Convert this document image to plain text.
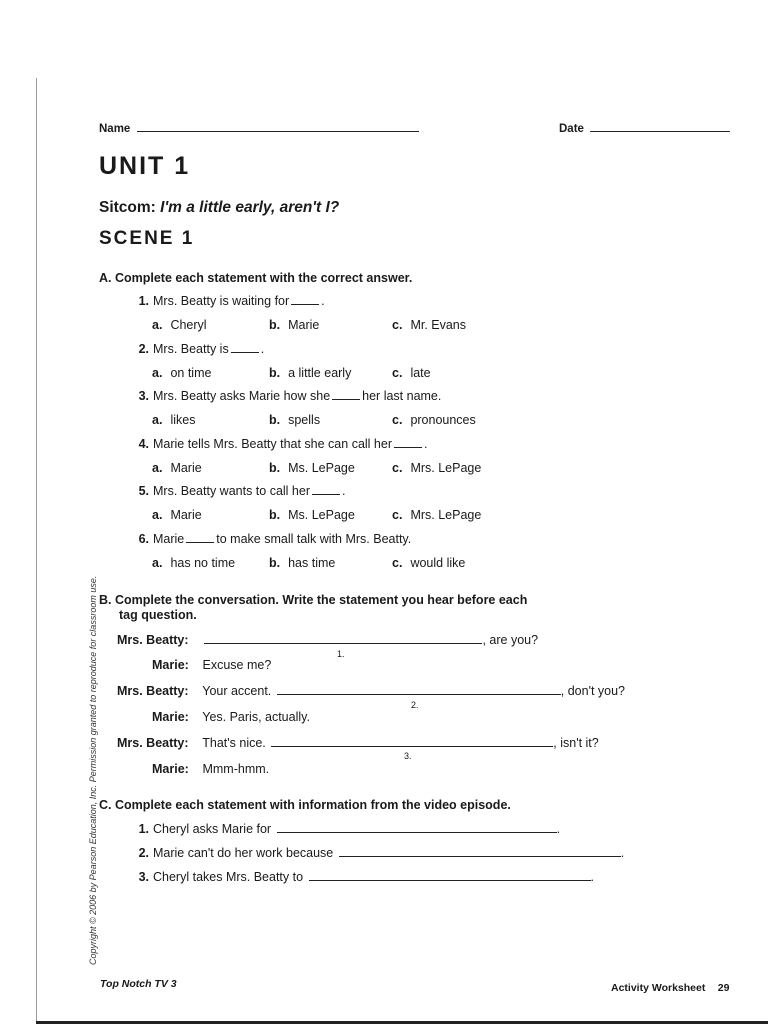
Name	Date
UNIT 1
Sitcom: I'm a little early, aren't I?
SCENE 1
A. Complete each statement with the correct answer.
1. Mrs. Beatty is waiting for	.
a. Cheryl	b. Marie	c. Mr. Evans
2. Mrs. Beatty is	.
a. on time	b. a little early	c. late
3. Mrs. Beatty asks Marie how she	her last name.
a. likes	b. spells	c. pronounces
4. Marie tells Mrs. Beatty that she can call her	.
a. Marie	b. Ms. LePage	c. Mrs. LePage
5. Mrs. Beatty wants to call her	.
a. Marie	b. Ms. LePage	c. Mrs. LePage
6. Marie	to make small talk with Mrs. Beatty.
a. has no time	b. has time	c. would like
B. Complete the conversation. Write the statement you hear before each
tag question.
Mrs. Beatty:	, are you?
1.
Marie: Excuse me?
Mrs. Beatty: Your accent.	, don't you?
2.
Marie: Yes. Paris, actually.
Mrs. Beatty: That's nice.	, isn't it?
3.
Marie: Mmm-hmm.
C. Complete each statement with information from the video episode.
1. Cheryl asks Marie for	.
2. Marie can't do her work because	.
3. Cheryl takes Mrs. Beatty to	.
Copyright © 2006 by Pearson Education, Inc. Permission granted to reproduce for classroom use.
Top Notch TV 3	Activity Worksheet 29
